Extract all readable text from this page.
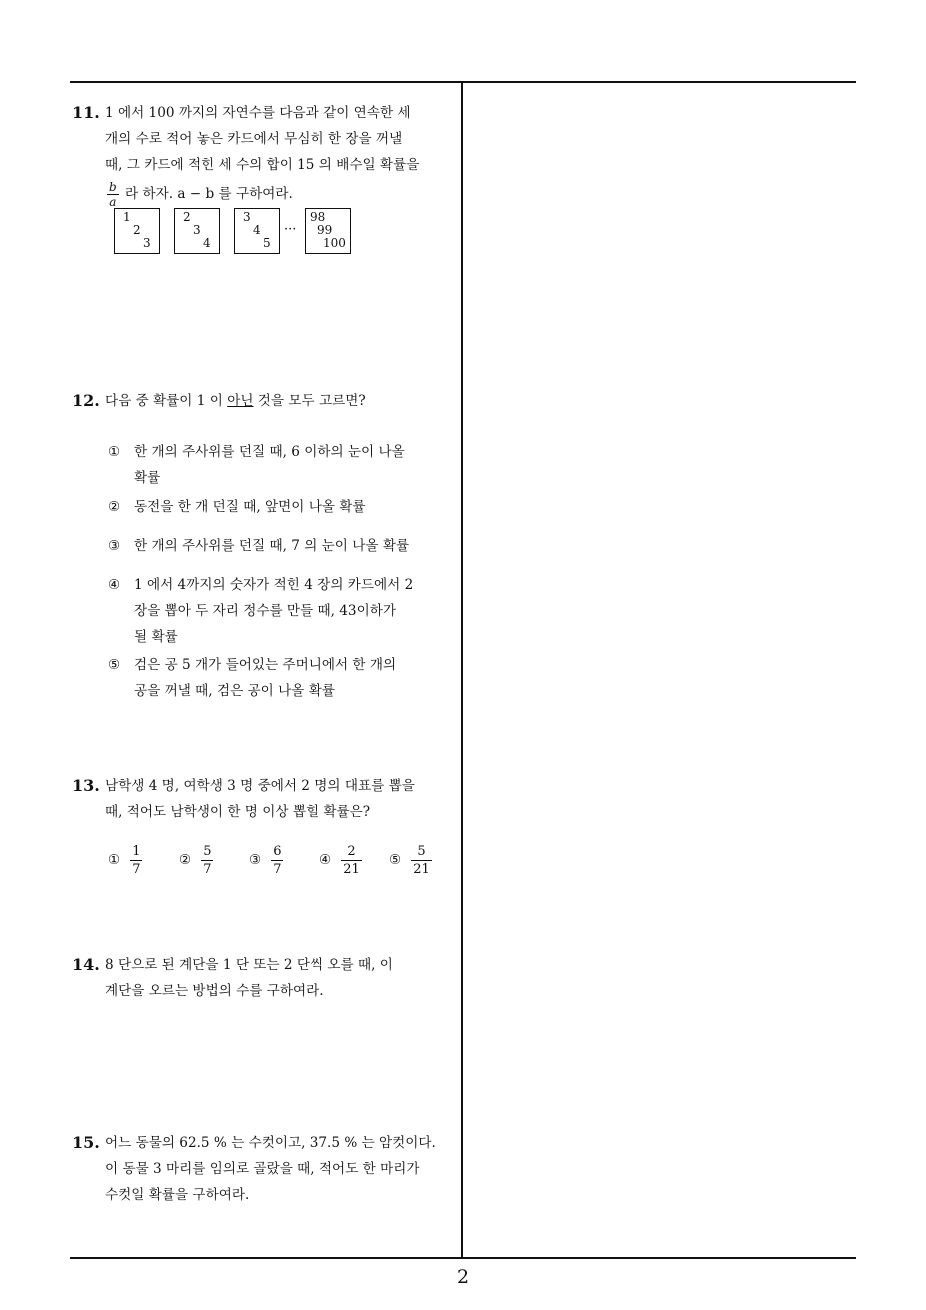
11. 1 에서 100 까지의 자연수를 다음과 같이 연속한 세
개의 수로 적어 놓은 카드에서 무심히 한 장을 꺼낼
때, 그 카드에 적힌 세 수의 합이 15 의 배수일 확률을
$\frac{b}{a}$ 라 하자. a − b 를 구하여라.
1
2
3
2
3
4
3
4
5
···
98
99
100
12. 다음 중 확률이 1 이 아닌 것을 모두 고르면?
①	한 개의 주사위를 던질 때, 6 이하의 눈이 나올
확률
②	동전을 한 개 던질 때, 앞면이 나올 확률
③	한 개의 주사위를 던질 때, 7 의 눈이 나올 확률
④	1 에서 4까지의 숫자가 적힌 4 장의 카드에서 2
장을 뽑아 두 자리 정수를 만들 때, 43이하가
될 확률
⑤	검은 공 5 개가 들어있는 주머니에서 한 개의
공을 꺼낼 때, 검은 공이 나올 확률
13. 남학생 4 명, 여학생 3 명 중에서 2 명의 대표를 뽑을
때, 적어도 남학생이 한 명 이상 뽑힐 확률은?
① $\frac{1}{7}$	② $\frac{5}{7}$	③ $\frac{6}{7}$	④ $\frac{2}{21}$ ⑤ $\frac{5}{21}$
14. 8 단으로 된 계단을 1 단 또는 2 단씩 오를 때, 이
계단을 오르는 방법의 수를 구하여라.
15. 어느 동물의 62.5 % 는 수컷이고, 37.5 % 는 암컷이다.
이 동물 3 마리를 임의로 골랐을 때, 적어도 한 마리가
수컷일 확률을 구하여라.
2
